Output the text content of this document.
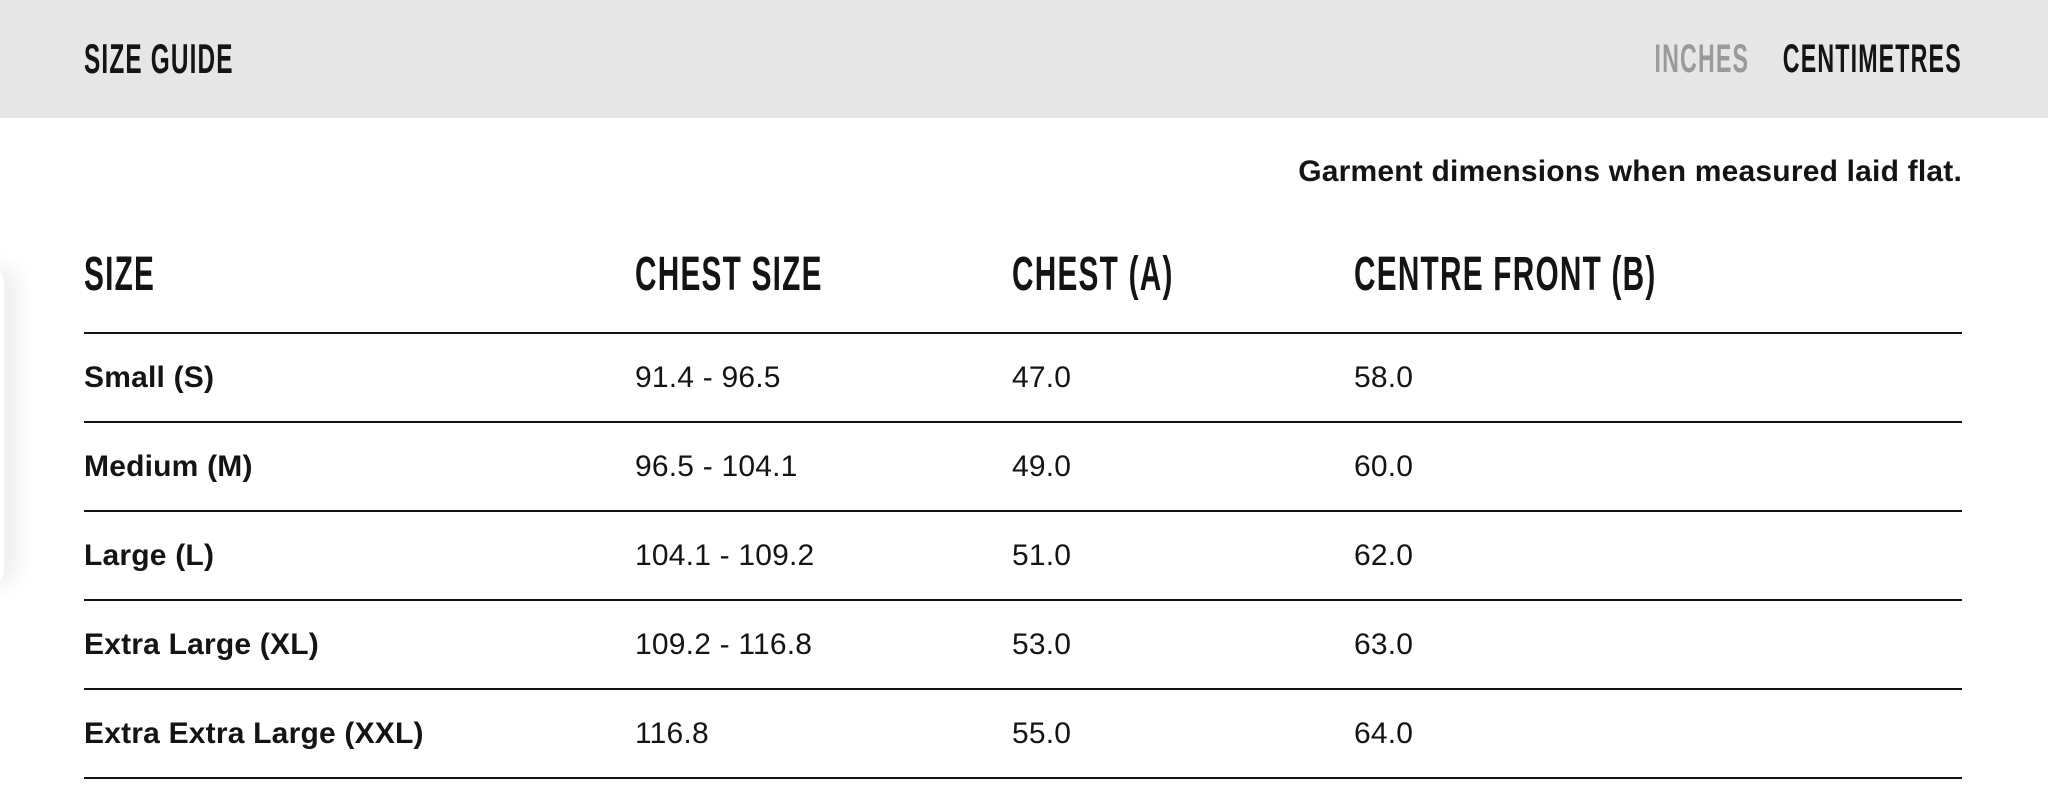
SIZE GUIDE	INCHES CENTIMETRES

Garment dimensions when measured laid flat.

SIZE	CHEST SIZE	CHEST (A)	CENTRE FRONT (B)
Small (S)	91.4 - 96.5	47.0	58.0
Medium (M)	96.5 - 104.1	49.0	60.0
Large (L)	104.1 - 109.2	51.0	62.0
Extra Large (XL)	109.2 - 116.8	53.0	63.0
Extra Extra Large (XXL)	116.8	55.0	64.0
